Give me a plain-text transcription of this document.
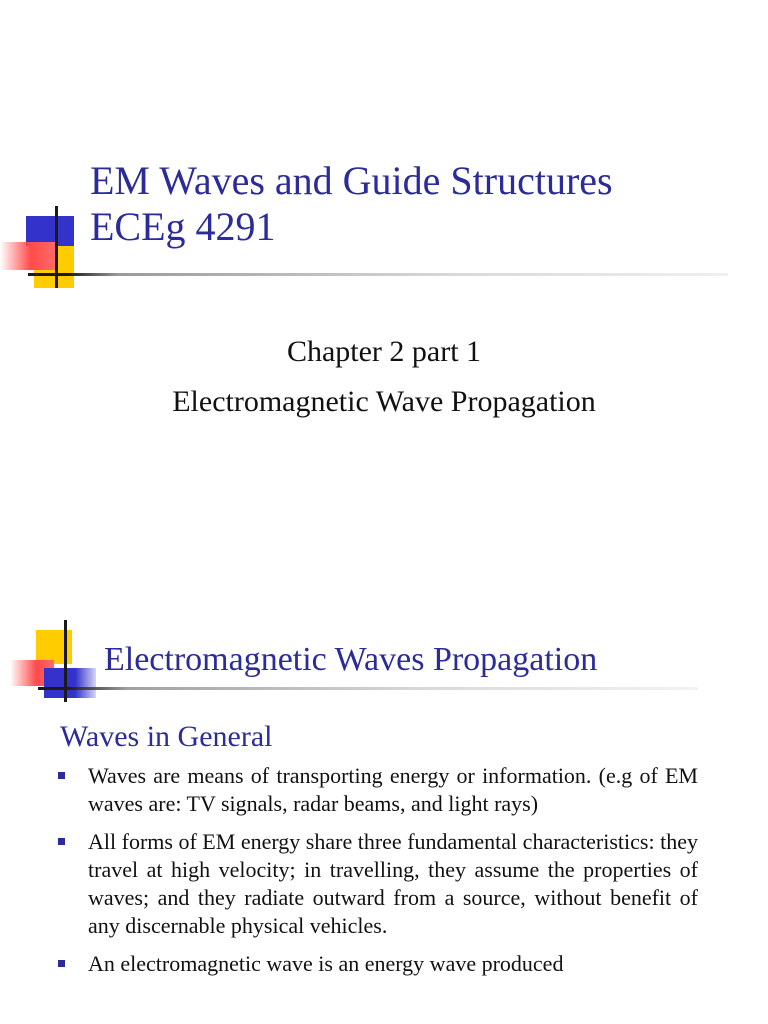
EM Waves and Guide Structures
ECEg 4291
Chapter 2 part 1
Electromagnetic Wave Propagation
Electromagnetic Waves Propagation
Waves in General
Waves are means of transporting energy or information. (e.g of EM waves are: TV signals, radar beams, and light rays)
All forms of EM energy share three fundamental characteristics: they travel at high velocity; in travelling, they assume the properties of waves; and they radiate outward from a source, without benefit of any discernable physical vehicles.
An electromagnetic wave is an energy wave produced
